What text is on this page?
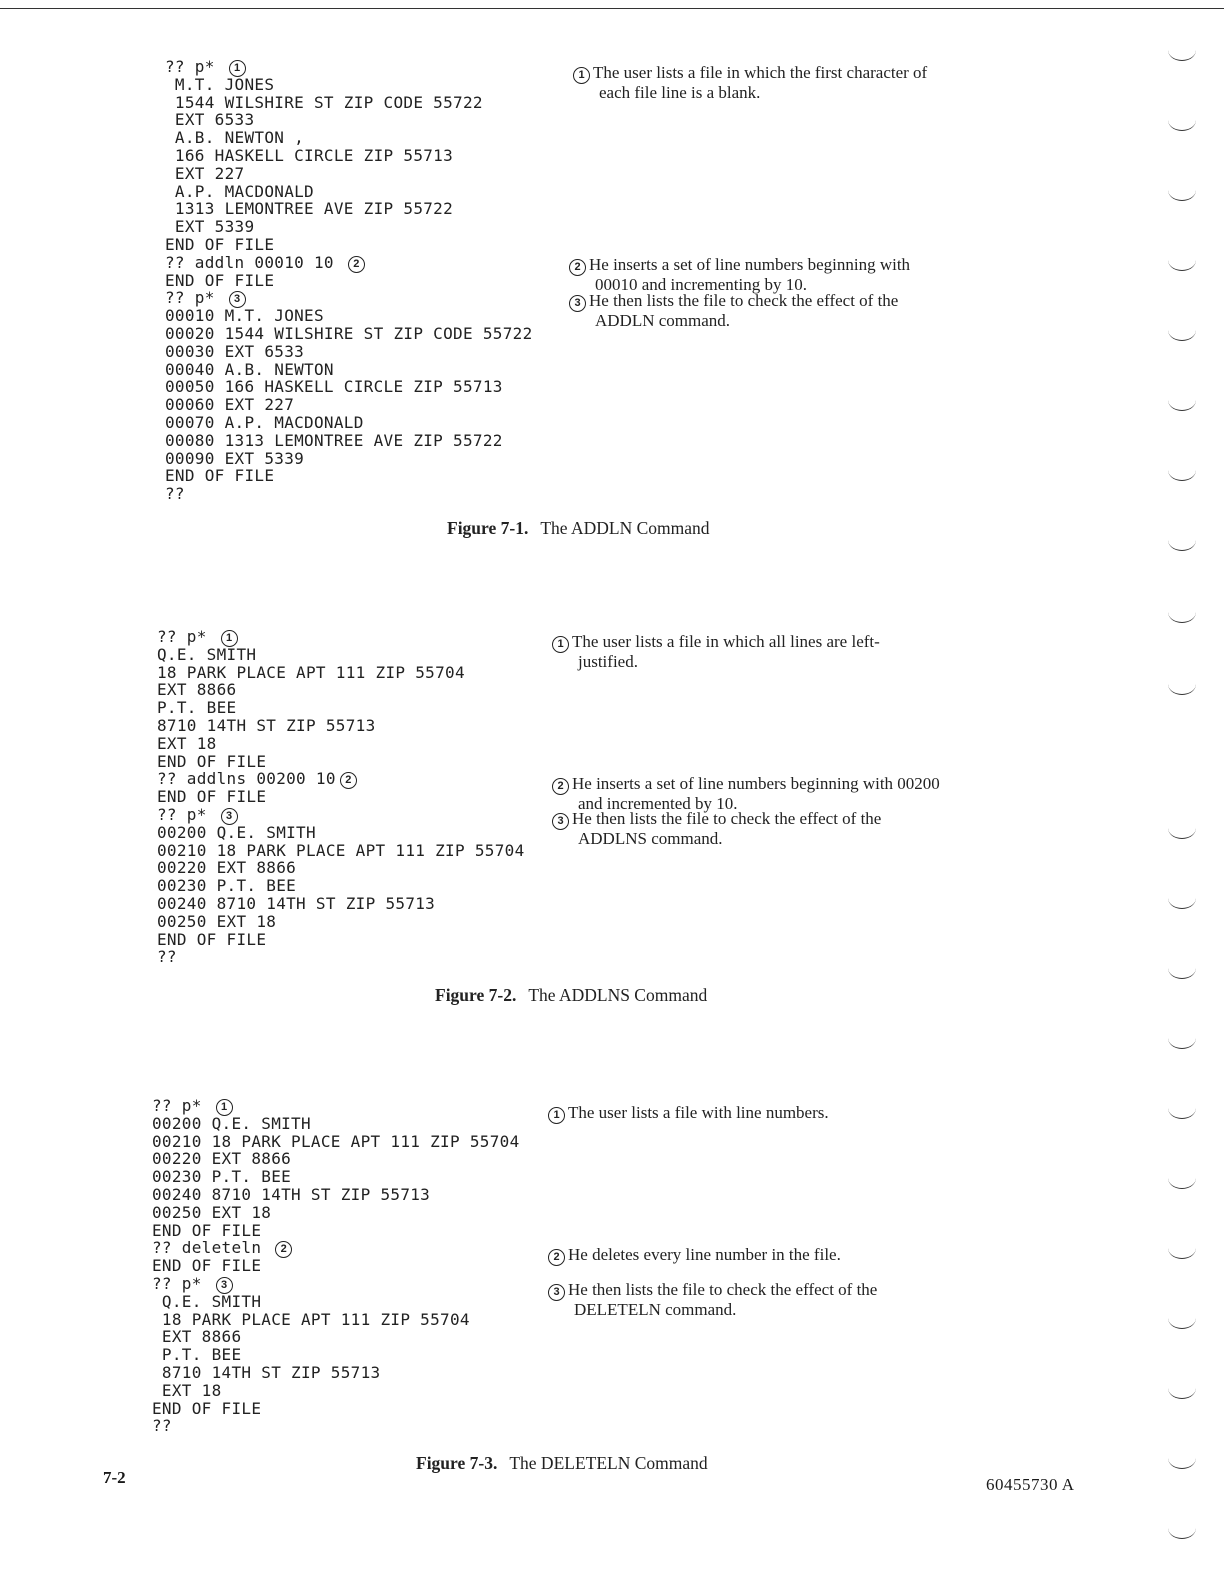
?? p* 1
M.T. JONES
1544 WILSHIRE ST ZIP CODE 55722
EXT 6533
A.B. NEWTON ,
166 HASKELL CIRCLE ZIP 55713
EXT 227
A.P. MACDONALD
1313 LEMONTREE AVE ZIP 55722
EXT 5339
END OF FILE
?? addln 00010 10 2
END OF FILE
?? p* 3
00010 M.T. JONES
00020 1544 WILSHIRE ST ZIP CODE 55722
00030 EXT 6533
00040 A.B. NEWTON
00050 166 HASKELL CIRCLE ZIP 55713
00060 EXT 227
00070 A.P. MACDONALD
00080 1313 LEMONTREE AVE ZIP 55722
00090 EXT 5339
END OF FILE
??
1 The user lists a file in which the first character of
each file line is a blank.
2 He inserts a set of line numbers beginning with
00010 and incrementing by 10.
3 He then lists the file to check the effect of the
ADDLN command.
Figure 7-1. The ADDLN Command
?? p* 1
Q.E. SMITH
18 PARK PLACE APT 111 ZIP 55704
EXT 8866
P.T. BEE
8710 14TH ST ZIP 55713
EXT 18
END OF FILE
?? addlns 00200 10 2
END OF FILE
?? p* 3
00200 Q.E. SMITH
00210 18 PARK PLACE APT 111 ZIP 55704
00220 EXT 8866
00230 P.T. BEE
00240 8710 14TH ST ZIP 55713
00250 EXT 18
END OF FILE
??
1 The user lists a file in which all lines are left-
justified.
2 He inserts a set of line numbers beginning with 00200
and incremented by 10.
3 He then lists the file to check the effect of the
ADDLNS command.
Figure 7-2. The ADDLNS Command
?? p* 1
00200 Q.E. SMITH
00210 18 PARK PLACE APT 111 ZIP 55704
00220 EXT 8866
00230 P.T. BEE
00240 8710 14TH ST ZIP 55713
00250 EXT 18
END OF FILE
?? deleteln 2
END OF FILE
?? p* 3
Q.E. SMITH
18 PARK PLACE APT 111 ZIP 55704
EXT 8866
P.T. BEE
8710 14TH ST ZIP 55713
EXT 18
END OF FILE
??
1 The user lists a file with line numbers.
2 He deletes every line number in the file.
3 He then lists the file to check the effect of the
DELETELN command.
Figure 7-3. The DELETELN Command
7-2	60455730 A
